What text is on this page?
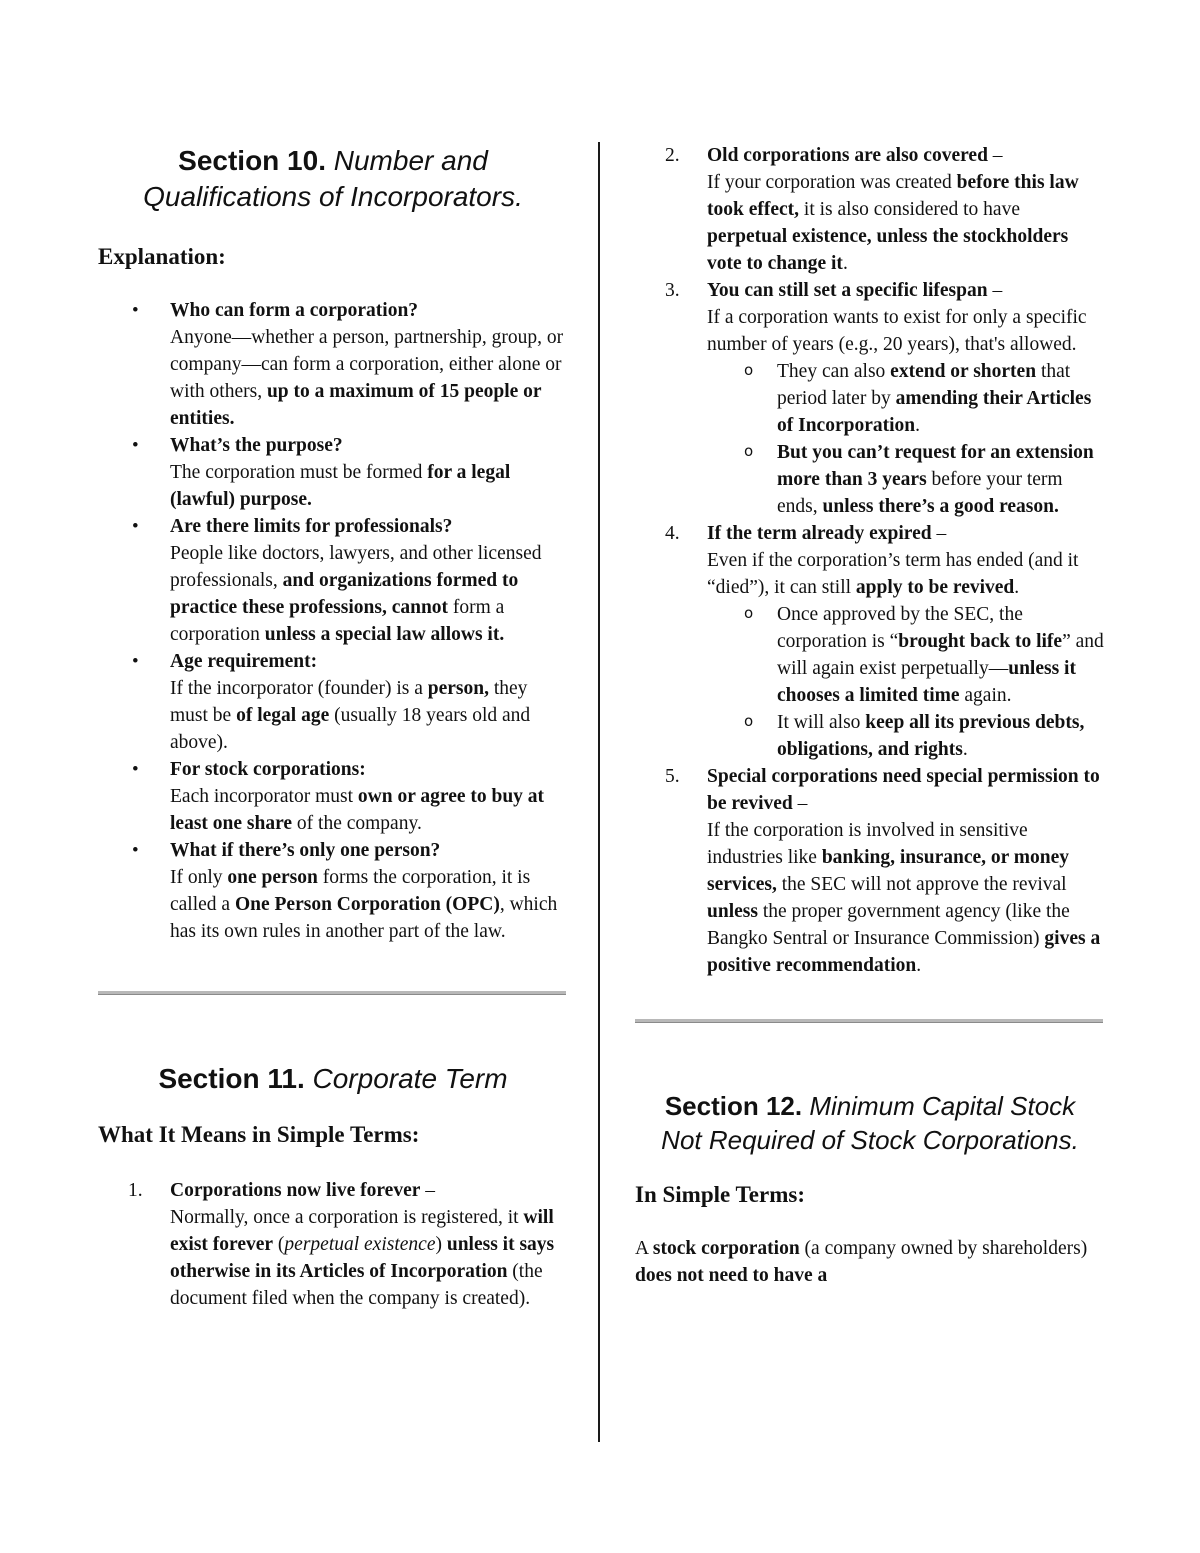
Section 10. Number and
Qualifications of Incorporators.
Explanation:
• Who can form a corporation?
Anyone—whether a person, partnership, group, or company—can form a corporation, either alone or with others, up to a maximum of 15 people or entities.
• What’s the purpose?
The corporation must be formed for a legal (lawful) purpose.
• Are there limits for professionals?
People like doctors, lawyers, and other licensed professionals, and organizations formed to practice these professions, cannot form a corporation unless a special law allows it.
• Age requirement:
If the incorporator (founder) is a person, they must be of legal age (usually 18 years old and above).
• For stock corporations:
Each incorporator must own or agree to buy at least one share of the company.
• What if there’s only one person?
If only one person forms the corporation, it is called a One Person Corporation (OPC), which has its own rules in another part of the law.
Section 11. Corporate Term
What It Means in Simple Terms:
1. Corporations now live forever –
Normally, once a corporation is registered, it will exist forever (perpetual existence) unless it says otherwise in its Articles of Incorporation (the document filed when the company is created).
2. Old corporations are also covered –
If your corporation was created before this law took effect, it is also considered to have perpetual existence, unless the stockholders vote to change it.
3. You can still set a specific lifespan –
If a corporation wants to exist for only a specific number of years (e.g., 20 years), that's allowed.
o They can also extend or shorten that period later by amending their Articles of Incorporation.
o But you can’t request for an extension more than 3 years before your term ends, unless there’s a good reason.
4. If the term already expired –
Even if the corporation’s term has ended (and it “died”), it can still apply to be revived.
o Once approved by the SEC, the corporation is “brought back to life” and will again exist perpetually—unless it chooses a limited time again.
o It will also keep all its previous debts, obligations, and rights.
5. Special corporations need special permission to be revived –
If the corporation is involved in sensitive industries like banking, insurance, or money services, the SEC will not approve the revival unless the proper government agency (like the Bangko Sentral or Insurance Commission) gives a positive recommendation.
Section 12. Minimum Capital Stock
Not Required of Stock Corporations.
In Simple Terms:

A stock corporation (a company owned by shareholders) does not need to have a
